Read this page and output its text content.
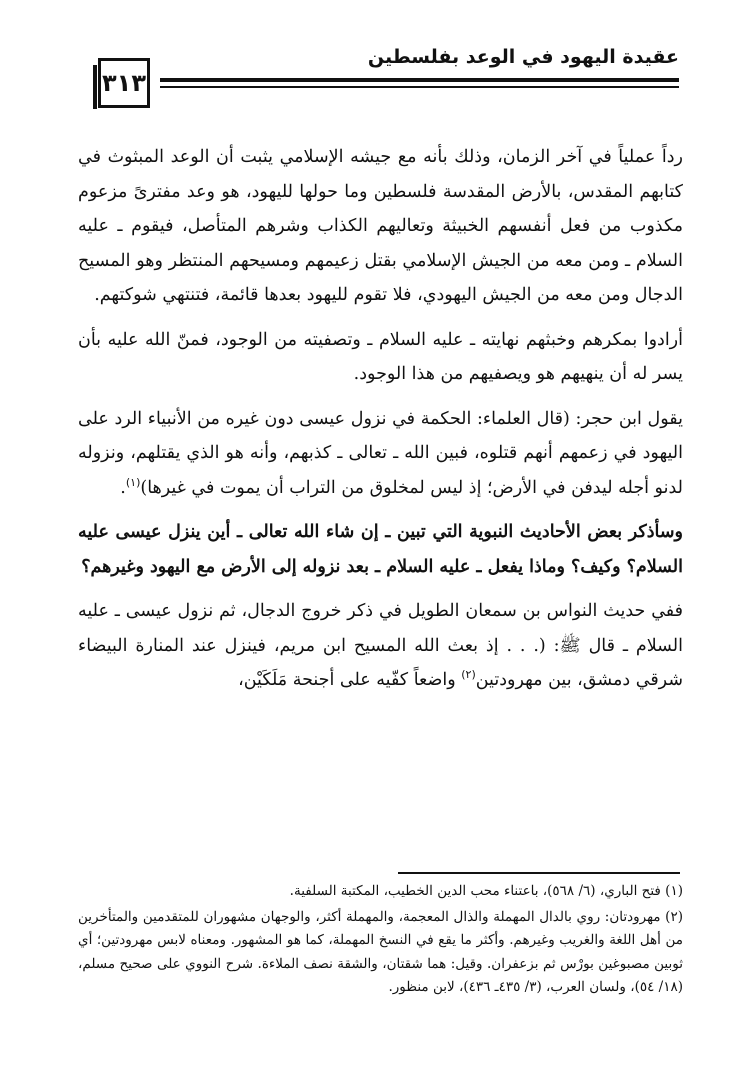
٣١٣
عقيدة اليهود في الوعد بفلسطين

رداً عملياً في آخر الزمان، وذلك بأنه مع جيشه الإسلامي يثبت أن الوعد المبثوث في كتابهم المقدس، بالأرض المقدسة فلسطين وما حولها لليهود، هو وعد مفترىً مزعوم مكذوب من فعل أنفسهم الخبيثة وتعاليهم الكذاب وشرهم المتأصل، فيقوم ـ عليه السلام ـ ومن معه من الجيش الإسلامي بقتل زعيمهم ومسيحهم المنتظر وهو المسيح الدجال ومن معه من الجيش اليهودي، فلا تقوم لليهود بعدها قائمة، فتنتهي شوكتهم.

أرادوا بمكرهم وخبثهم نهايته ـ عليه السلام ـ وتصفيته من الوجود، فمنّ الله عليه بأن يسر له أن ينهيهم هو ويصفيهم من هذا الوجود.

يقول ابن حجر: (قال العلماء: الحكمة في نزول عيسى دون غيره من الأنبياء الرد على اليهود في زعمهم أنهم قتلوه، فبين الله ـ تعالى ـ كذبهم، وأنه هو الذي يقتلهم، ونزوله لدنو أجله ليدفن في الأرض؛ إذ ليس لمخلوق من التراب أن يموت في غيرها)$^{(١)}$.

وسأذكر بعض الأحاديث النبوية التي تبين ـ إن شاء الله تعالى ـ أين ينزل عيسى عليه السلام؟ وكيف؟ وماذا يفعل ـ عليه السلام ـ بعد نزوله إلى الأرض مع اليهود وغيرهم؟

ففي حديث النواس بن سمعان الطويل في ذكر خروج الدجال، ثم نزول عيسى ـ عليه السلام ـ قال ﷺ: (. . . إذ بعث الله المسيح ابن مريم، فينزل عند المنارة البيضاء شرقي دمشق، بين مهرودتين$^{(٢)}$ واضعاً كفّيه على أجنحة مَلَكَيْن،

(١) فتح الباري، (٦/ ٥٦٨)، باعتناء محب الدين الخطيب، المكتبة السلفية.

(٢) مهرودتان: روي بالدال المهملة والذال المعجمة، والمهملة أكثر، والوجهان مشهوران للمتقدمين والمتأخرين من أهل اللغة والغريب وغيرهم. وأكثر ما يقع في النسخ المهملة، كما هو المشهور. ومعناه لابس مهرودتين؛ أي ثوبين مصبوغين بورْس ثم بزعفران. وقيل: هما شقتان، والشقة نصف الملاءة. شرح النووي على صحيح مسلم، (١٨/ ٥٤)، ولسان العرب، (٣/ ٤٣٥ـ ٤٣٦)، لابن منظور.
